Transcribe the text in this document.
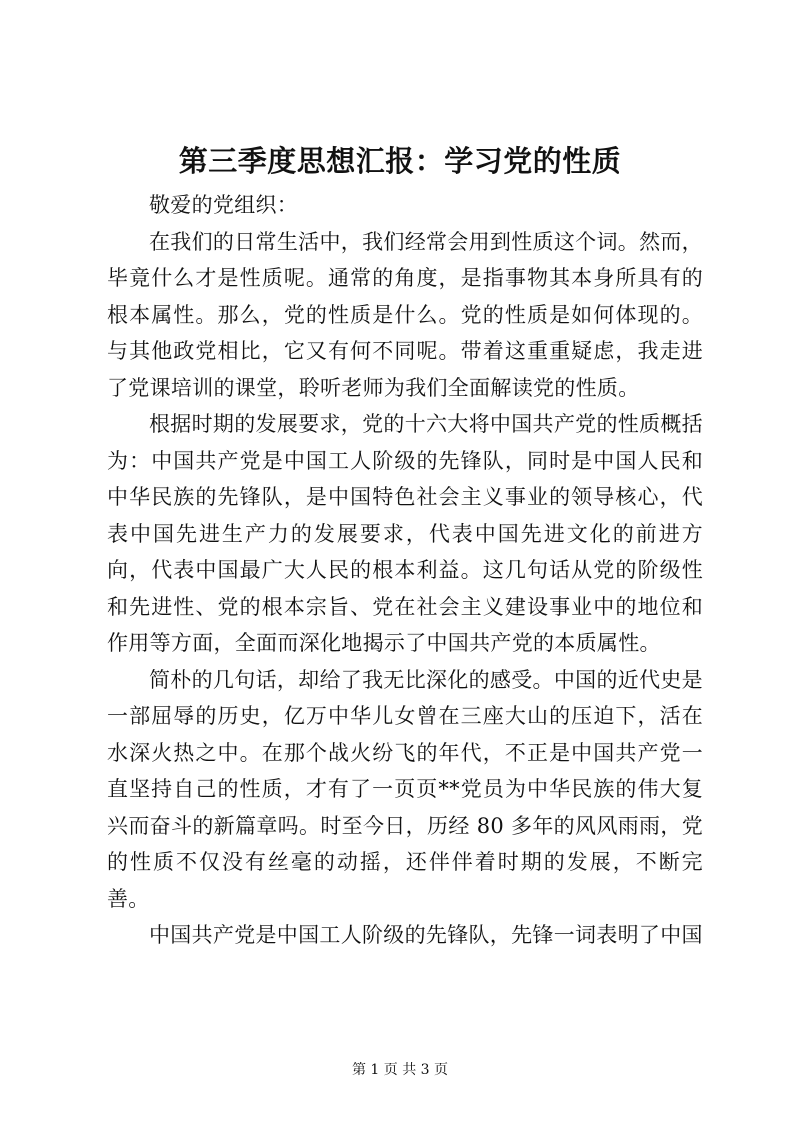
第三季度思想汇报：学习党的性质

敬爱的党组织：

在我们的日常生活中，我们经常会用到性质这个词。然而，毕竟什么才是性质呢。通常的角度，是指事物其本身所具有的根本属性。那么，党的性质是什么。党的性质是如何体现的。与其他政党相比，它又有何不同呢。带着这重重疑虑，我走进了党课培训的课堂，聆听老师为我们全面解读党的性质。

根据时期的发展要求，党的十六大将中国共产党的性质概括为：中国共产党是中国工人阶级的先锋队，同时是中国人民和中华民族的先锋队，是中国特色社会主义事业的领导核心，代表中国先进生产力的发展要求，代表中国先进文化的前进方向，代表中国最广大人民的根本利益。这几句话从党的阶级性和先进性、党的根本宗旨、党在社会主义建设事业中的地位和作用等方面，全面而深化地揭示了中国共产党的本质属性。

简朴的几句话，却给了我无比深化的感受。中国的近代史是一部屈辱的历史，亿万中华儿女曾在三座大山的压迫下，活在水深火热之中。在那个战火纷飞的年代，不正是中国共产党一直坚持自己的性质，才有了一页页**党员为中华民族的伟大复兴而奋斗的新篇章吗。时至今日，历经 80 多年的风风雨雨，党的性质不仅没有丝毫的动摇，还伴伴着时期的发展，不断完善。

中国共产党是中国工人阶级的先锋队，先锋一词表明了中国

第 1 页 共 3 页
